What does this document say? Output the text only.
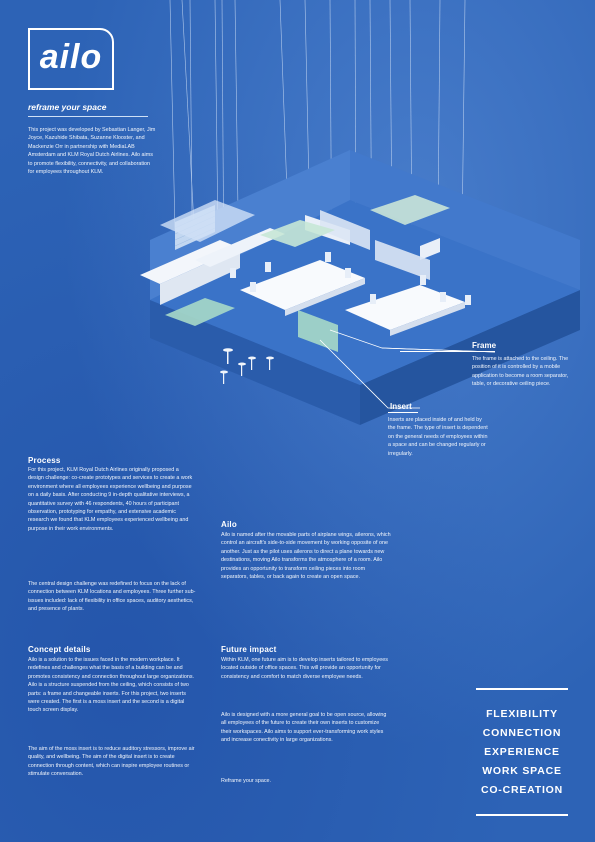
ailo

reframe your space

This project was developed by Sebastian Langer, Jim Joyce, Kazuhide Shibata, Suzanne Klooster, and Mackenzie Orr in partnership with MediaLAB Amsterdam and KLM Royal Dutch Airlines. Ailo aims to promote flexibility, connectivity, and collaboration for employees throughout KLM.

Frame

The frame is attached to the ceiling. The position of it is controlled by a mobile application to become a room separator, table, or decorative ceiling piece.

Insert

Inserts are placed inside of and held by the frame. The type of insert is dependent on the general needs of employees within a space and can be changed regularly or irregularly.

Process

For this project, KLM Royal Dutch Airlines originally proposed a design challenge: co-create prototypes and services to create a work environment where all employees experience wellbeing and purpose on a daily basis. After conducting 9 in-depth qualitative interviews, a quantitative survey with 46 respondents, 40 hours of participant observation, prototyping for empathy, and extensive academic research we found that KLM employees experienced wellbeing and purpose in their work environments.

The central design challenge was redefined to focus on the lack of connection between KLM locations and employees. Three further sub-issues included: lack of flexibility in office spaces, auditory aesthetics, and presence of plants.

Concept details

Ailo is a solution to the issues faced in the modern workplace. It redefines and challenges what the basis of a building can be and promotes consistency and connection throughout large organizations. Ailo is a structure suspended from the ceiling, which consists of two parts: a frame and changeable inserts. For this project, two inserts were created. The first is a moss insert and the second is a digital touch screen display.

The aim of the moss insert is to reduce auditory stressors, improve air quality, and wellbeing. The aim of the digital insert is to create connection through content, which can inspire employee routines or stimulate conversation.

Ailo

Ailo is named after the movable parts of airplane wings, ailerons, which control an aircraft's side-to-side movement by working opposite of one another. Just as the pilot uses ailerons to direct a plane towards new destinations, moving Ailo transforms the atmosphere of a room. Ailo provides an opportunity to transform ceiling pieces into room separators, tables, or back again to create an open space.

Future impact

Within KLM, one future aim is to develop inserts tailored to employees located outside of office spaces. This will provide an opportunity for consistency and comfort to match diverse employee needs.

Ailo is designed with a more general goal to be open source, allowing all employees of the future to create their own inserts to customize their workspaces. Ailo aims to support ever-transforming work styles and increase conectivity in large organizations.

Reframe your space.

FLEXIBILITY

CONNECTION

EXPERIENCE

WORK SPACE

CO-CREATION
